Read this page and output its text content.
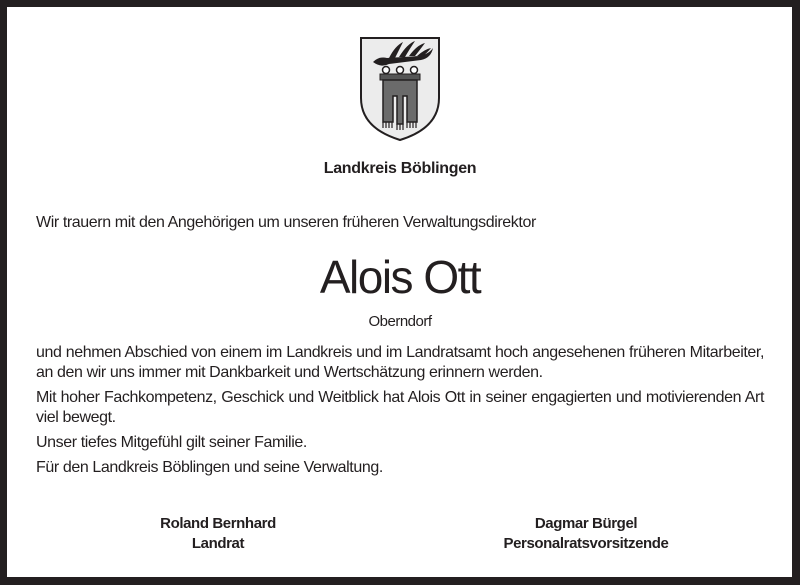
Landkreis Böblingen
Wir trauern mit den Angehörigen um unseren früheren Verwaltungsdirektor
Alois Ott
Oberndorf

und nehmen Abschied von einem im Landkreis und im Landratsamt hoch angesehenen früheren Mitarbeiter, an den wir uns immer mit Dankbarkeit und Wertschätzung erinnern werden.

Mit hoher Fachkompetenz, Geschick und Weitblick hat Alois Ott in seiner engagierten und motivierenden Art viel bewegt.

Unser tiefes Mitgefühl gilt seiner Familie.

Für den Landkreis Böblingen und seine Verwaltung.

Roland Bernhard
Landrat
Dagmar Bürgel
Personalratsvorsitzende
